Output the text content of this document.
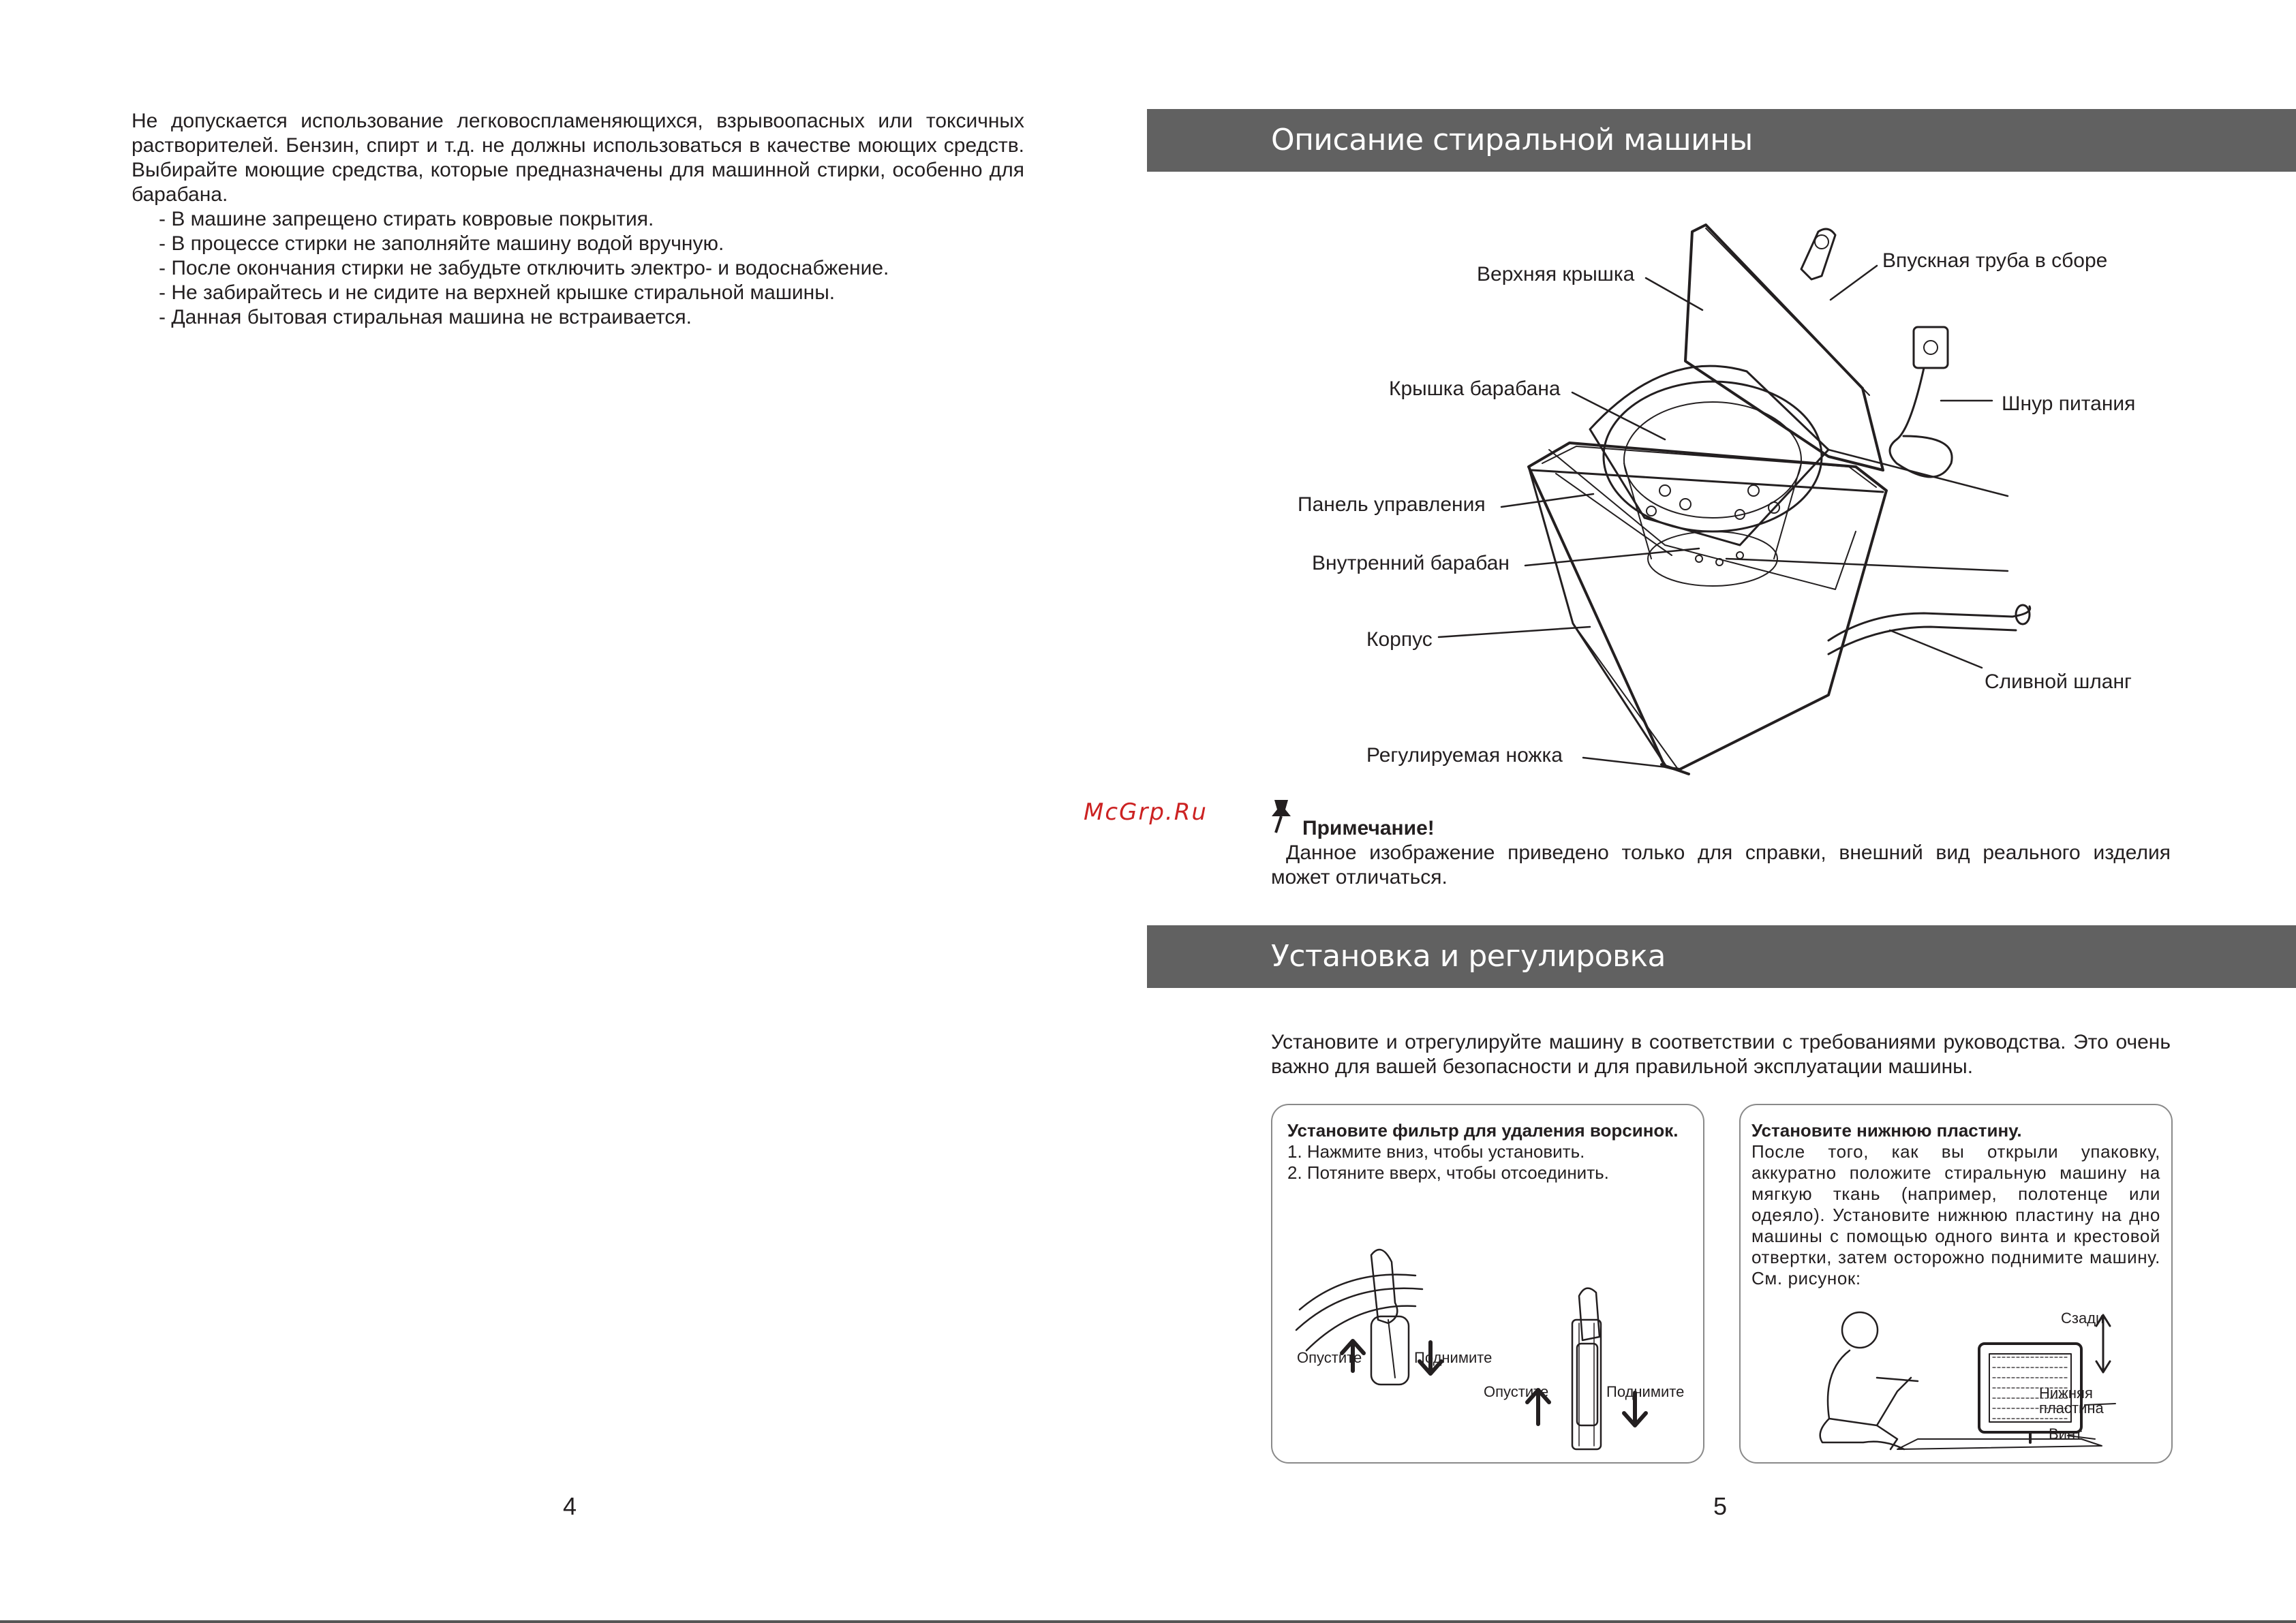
Не допускается использование легковоспламеняющихся, взрывоопасных или токсичных растворителей. Бензин, спирт и т.д. не должны использоваться в качестве моющих средств. Выбирайте моющие средства, которые предназначены для машинной стирки, особенно для барабана.
- В машине запрещено стирать ковровые покрытия.
- В процессе стирки не заполняйте машину водой вручную.
- После окончания стирки не забудьте отключить электро- и водоснабжение.
- Не забирайтесь и не сидите на верхней крышке стиральной машины.
- Данная бытовая стиральная машина не встраивается.
4
Описание стиральной машины
Верхняя крышка
Впускная труба в сборе
Крышка барабана
Шнур питания
Панель управления
Внутренний барабан
Корпус
Сливной шланг
Регулируемая ножка
McGrp.Ru
Примечание!
Данное изображение приведено только для справки, внешний вид реального изделия может отличаться.
Установка и регулировка
Установите и отрегулируйте машину в соответствии с требованиями руководства. Это очень важно для вашей безопасности и для правильной эксплуатации машины.
Установите фильтр для удаления ворсинок.
1. Нажмите вниз, чтобы установить.
2. Потяните вверх, чтобы отсоединить.
Опустите	Поднимите
Опустите	Поднимите
Установите нижнюю пластину.
После того, как вы открыли упаковку, аккуратно положите стиральную машину на мягкую ткань (например, полотенце или одеяло). Установите нижнюю пластину на дно машины с помощью одного винта и крестовой отвертки, затем осторожно поднимите машину. См. рисунок:
Сзади
Нижняя пластина
Винт
5
